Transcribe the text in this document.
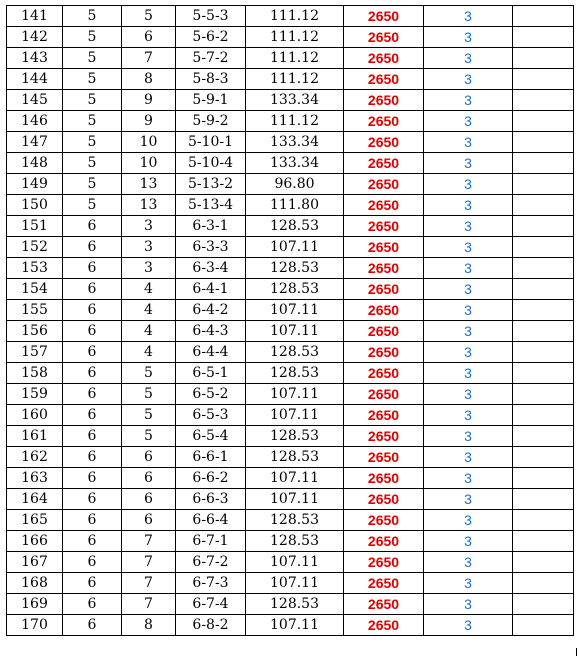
141	5	5	5-5-3	111.12	2650	3	
142	5	6	5-6-2	111.12	2650	3	
143	5	7	5-7-2	111.12	2650	3	
144	5	8	5-8-3	111.12	2650	3	
145	5	9	5-9-1	133.34	2650	3	
146	5	9	5-9-2	111.12	2650	3	
147	5	10	5-10-1	133.34	2650	3	
148	5	10	5-10-4	133.34	2650	3	
149	5	13	5-13-2	96.80	2650	3	
150	5	13	5-13-4	111.80	2650	3	
151	6	3	6-3-1	128.53	2650	3	
152	6	3	6-3-3	107.11	2650	3	
153	6	3	6-3-4	128.53	2650	3	
154	6	4	6-4-1	128.53	2650	3	
155	6	4	6-4-2	107.11	2650	3	
156	6	4	6-4-3	107.11	2650	3	
157	6	4	6-4-4	128.53	2650	3	
158	6	5	6-5-1	128.53	2650	3	
159	6	5	6-5-2	107.11	2650	3	
160	6	5	6-5-3	107.11	2650	3	
161	6	5	6-5-4	128.53	2650	3	
162	6	6	6-6-1	128.53	2650	3	
163	6	6	6-6-2	107.11	2650	3	
164	6	6	6-6-3	107.11	2650	3	
165	6	6	6-6-4	128.53	2650	3	
166	6	7	6-7-1	128.53	2650	3	
167	6	7	6-7-2	107.11	2650	3	
168	6	7	6-7-3	107.11	2650	3	
169	6	7	6-7-4	128.53	2650	3	
170	6	8	6-8-2	107.11	2650	3	
